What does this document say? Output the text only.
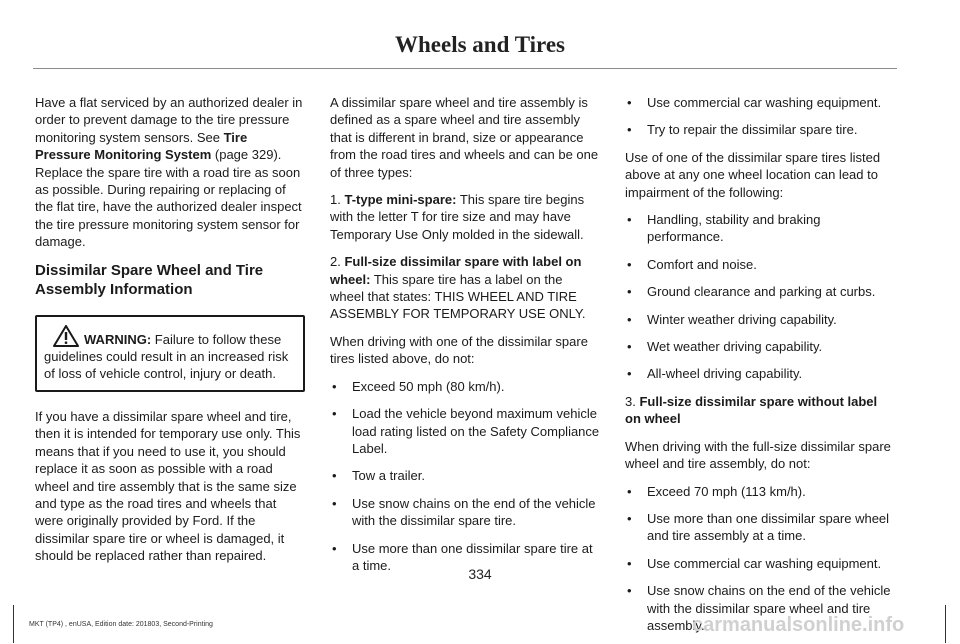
Wheels and Tires

Have a flat serviced by an authorized dealer in order to prevent damage to the tire pressure monitoring system sensors. See Tire Pressure Monitoring System (page 329). Replace the spare tire with a road tire as soon as possible. During repairing or replacing of the flat tire, have the authorized dealer inspect the tire pressure monitoring system sensor for damage.

Dissimilar Spare Wheel and Tire Assembly Information
WARNING: Failure to follow these guidelines could result in an increased risk of loss of vehicle control, injury or death.

If you have a dissimilar spare wheel and tire, then it is intended for temporary use only. This means that if you need to use it, you should replace it as soon as possible with a road wheel and tire assembly that is the same size and type as the road tires and wheels that were originally provided by Ford. If the dissimilar spare tire or wheel is damaged, it should be replaced rather than repaired.

A dissimilar spare wheel and tire assembly is defined as a spare wheel and tire assembly that is different in brand, size or appearance from the road tires and wheels and can be one of three types:

1. T-type mini-spare: This spare tire begins with the letter T for tire size and may have Temporary Use Only molded in the sidewall.

2. Full-size dissimilar spare with label on wheel: This spare tire has a label on the wheel that states: THIS WHEEL AND TIRE ASSEMBLY FOR TEMPORARY USE ONLY.

When driving with one of the dissimilar spare tires listed above, do not:

• Exceed 50 mph (80 km/h).
• Load the vehicle beyond maximum vehicle load rating listed on the Safety Compliance Label.
• Tow a trailer.
• Use snow chains on the end of the vehicle with the dissimilar spare tire.
• Use more than one dissimilar spare tire at a time.
• Use commercial car washing equipment.
• Try to repair the dissimilar spare tire.

Use of one of the dissimilar spare tires listed above at any one wheel location can lead to impairment of the following:

• Handling, stability and braking performance.
• Comfort and noise.
• Ground clearance and parking at curbs.
• Winter weather driving capability.
• Wet weather driving capability.
• All-wheel driving capability.

3. Full-size dissimilar spare without label on wheel

When driving with the full-size dissimilar spare wheel and tire assembly, do not:

• Exceed 70 mph (113 km/h).
• Use more than one dissimilar spare wheel and tire assembly at a time.
• Use commercial car washing equipment.
• Use snow chains on the end of the vehicle with the dissimilar spare wheel and tire assembly.
334
MKT (TP4) , enUSA, Edition date: 201803, Second-Printing	carmanualsonline.info
